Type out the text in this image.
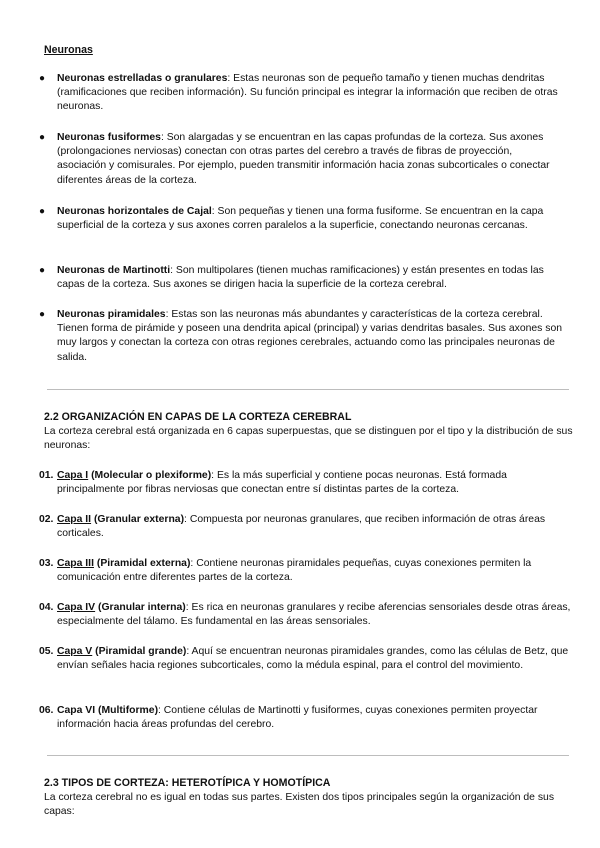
Neuronas
● Neuronas estrelladas o granulares: Estas neuronas son de pequeño tamaño y tienen muchas dendritas (ramificaciones que reciben información). Su función principal es integrar la información que reciben de otras neuronas.
● Neuronas fusiformes: Son alargadas y se encuentran en las capas profundas de la corteza. Sus axones (prolongaciones nerviosas) conectan con otras partes del cerebro a través de fibras de proyección, asociación y comisurales. Por ejemplo, pueden transmitir información hacia zonas subcorticales o conectar diferentes áreas de la corteza.
● Neuronas horizontales de Cajal: Son pequeñas y tienen una forma fusiforme. Se encuentran en la capa superficial de la corteza y sus axones corren paralelos a la superficie, conectando neuronas cercanas.
● Neuronas de Martinotti: Son multipolares (tienen muchas ramificaciones) y están presentes en todas las capas de la corteza. Sus axones se dirigen hacia la superficie de la corteza cerebral.
● Neuronas piramidales: Estas son las neuronas más abundantes y características de la corteza cerebral. Tienen forma de pirámide y poseen una dendrita apical (principal) y varias dendritas basales. Sus axones son muy largos y conectan la corteza con otras regiones cerebrales, actuando como las principales neuronas de salida.
2.2 ORGANIZACIÓN EN CAPAS DE LA CORTEZA CEREBRAL
La corteza cerebral está organizada en 6 capas superpuestas, que se distinguen por el tipo y la distribución de sus neuronas:
01. Capa I (Molecular o plexiforme): Es la más superficial y contiene pocas neuronas. Está formada principalmente por fibras nerviosas que conectan entre sí distintas partes de la corteza.
02. Capa II (Granular externa): Compuesta por neuronas granulares, que reciben información de otras áreas corticales.
03. Capa III (Piramidal externa): Contiene neuronas piramidales pequeñas, cuyas conexiones permiten la comunicación entre diferentes partes de la corteza.
04. Capa IV (Granular interna): Es rica en neuronas granulares y recibe aferencias sensoriales desde otras áreas, especialmente del tálamo. Es fundamental en las áreas sensoriales.
05. Capa V (Piramidal grande): Aquí se encuentran neuronas piramidales grandes, como las células de Betz, que envían señales hacia regiones subcorticales, como la médula espinal, para el control del movimiento.
06. Capa VI (Multiforme): Contiene células de Martinotti y fusiformes, cuyas conexiones permiten proyectar información hacia áreas profundas del cerebro.
2.3 TIPOS DE CORTEZA: HETEROTÍPICA Y HOMOTÍPICA
La corteza cerebral no es igual en todas sus partes. Existen dos tipos principales según la organización de sus capas:
